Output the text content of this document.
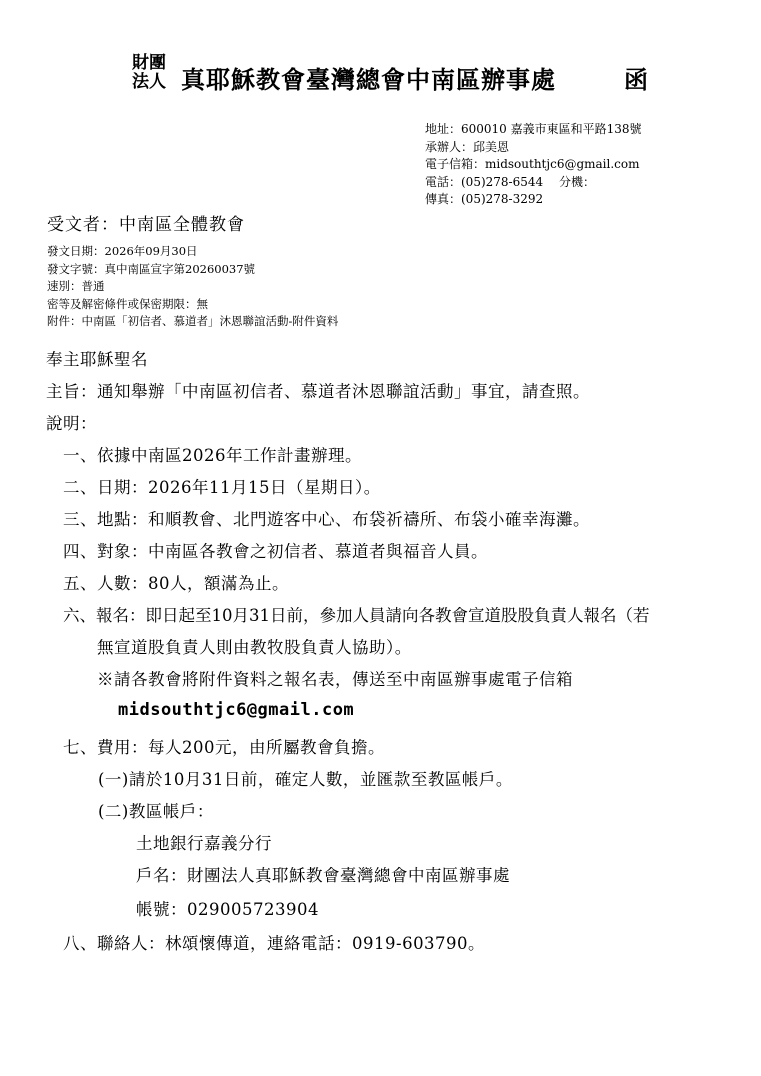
財團
法人 真耶穌教會臺灣總會中南區辦事處	函
地址：600010 嘉義市東區和平路138號
承辦人：邱美恩
電子信箱：midsouthtjc6@gmail.com
電話：(05)278-6544　 分機：
傳真：(05)278-3292
受文者：中南區全體教會
發文日期：2026年09月30日
發文字號：真中南區宣字第20260037號
速別：普通
密等及解密條件或保密期限：無
附件：中南區「初信者、慕道者」沐恩聯誼活動-附件資料
奉主耶穌聖名
主旨：通知舉辦「中南區初信者、慕道者沐恩聯誼活動」事宜，請查照。
說明：
一、依據中南區2026年工作計畫辦理。
二、日期：2026年11月15日（星期日）。
三、地點：和順教會、北門遊客中心、布袋祈禱所、布袋小確幸海灘。
四、對象：中南區各教會之初信者、慕道者與福音人員。
五、人數：80人，額滿為止。
六、報名：即日起至10月31日前，參加人員請向各教會宣道股股負責人報名（若
無宣道股負責人則由教牧股負責人協助）。
※請各教會將附件資料之報名表，傳送至中南區辦事處電子信箱
midsouthtjc6@gmail.com
七、費用：每人200元，由所屬教會負擔。
(一)請於10月31日前，確定人數，並匯款至教區帳戶。
(二)教區帳戶：
土地銀行嘉義分行
戶名：財團法人真耶穌教會臺灣總會中南區辦事處
帳號：029005723904
八、聯絡人：林頌懷傳道，連絡電話：0919-603790。
